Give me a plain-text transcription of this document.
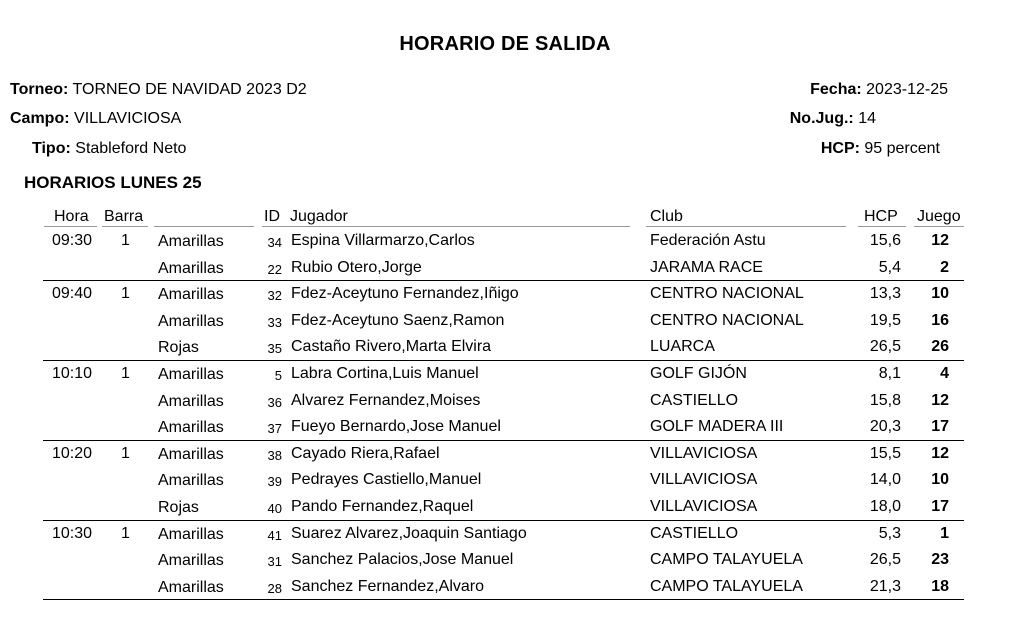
HORARIO DE SALIDA
Torneo: TORNEO DE NAVIDAD 2023 D2
Campo: VILLAVICIOSA
Tipo: Stableford Neto
Fecha: 2023-12-25
No.Jug.: 14
HCP: 95 percent
HORARIOS LUNES 25
Hora Barra	ID Jugador	Club	HCP Juego
09:30 1 Amarillas	34 Espina Villarmarzo,Carlos	Federación Astu	15,6 12
Amarillas	22 Rubio Otero,Jorge	JARAMA RACE	5,4 2
09:40 1 Amarillas	32 Fdez-Aceytuno Fernandez,Iñigo	CENTRO NACIONAL	13,3 10
Amarillas	33 Fdez-Aceytuno Saenz,Ramon	CENTRO NACIONAL	19,5 16
Rojas	35 Castaño Rivero,Marta Elvira	LUARCA	26,5 26
10:10 1 Amarillas	5 Labra Cortina,Luis Manuel	GOLF GIJÓN	8,1 4
Amarillas	36 Alvarez Fernandez,Moises	CASTIELLO	15,8 12
Amarillas	37 Fueyo Bernardo,Jose Manuel	GOLF MADERA III	20,3 17
10:20 1 Amarillas	38 Cayado Riera,Rafael	VILLAVICIOSA	15,5 12
Amarillas	39 Pedrayes Castiello,Manuel	VILLAVICIOSA	14,0 10
Rojas	40 Pando Fernandez,Raquel	VILLAVICIOSA	18,0 17
10:30 1 Amarillas	41 Suarez Alvarez,Joaquin Santiago	CASTIELLO	5,3 1
Amarillas	31 Sanchez Palacios,Jose Manuel	CAMPO TALAYUELA	26,5 23
Amarillas	28 Sanchez Fernandez,Alvaro	CAMPO TALAYUELA	21,3 18
